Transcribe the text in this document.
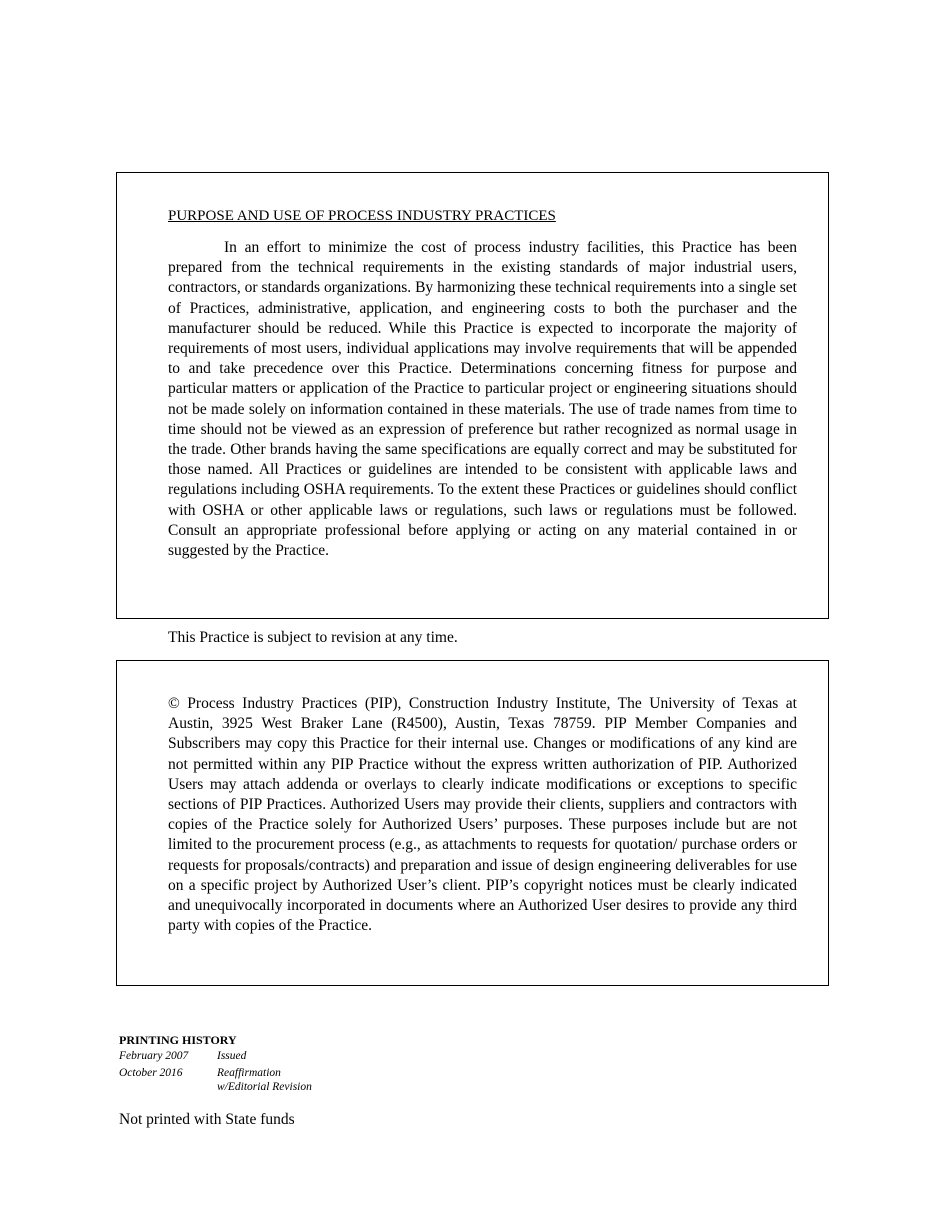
PURPOSE AND USE OF PROCESS INDUSTRY PRACTICES

In an effort to minimize the cost of process industry facilities, this Practice has been prepared from the technical requirements in the existing standards of major industrial users, contractors, or standards organizations. By harmonizing these technical requirements into a single set of Practices, administrative, application, and engineering costs to both the purchaser and the manufacturer should be reduced. While this Practice is expected to incorporate the majority of requirements of most users, individual applications may involve requirements that will be appended to and take precedence over this Practice. Determinations concerning fitness for purpose and particular matters or application of the Practice to particular project or engineering situations should not be made solely on information contained in these materials. The use of trade names from time to time should not be viewed as an expression of preference but rather recognized as normal usage in the trade. Other brands having the same specifications are equally correct and may be substituted for those named. All Practices or guidelines are intended to be consistent with applicable laws and regulations including OSHA requirements. To the extent these Practices or guidelines should conflict with OSHA or other applicable laws or regulations, such laws or regulations must be followed. Consult an appropriate professional before applying or acting on any material contained in or suggested by the Practice.

This Practice is subject to revision at any time.

© Process Industry Practices (PIP), Construction Industry Institute, The University of Texas at Austin, 3925 West Braker Lane (R4500), Austin, Texas 78759. PIP Member Companies and Subscribers may copy this Practice for their internal use. Changes or modifications of any kind are not permitted within any PIP Practice without the express written authorization of PIP. Authorized Users may attach addenda or overlays to clearly indicate modifications or exceptions to specific sections of PIP Practices. Authorized Users may provide their clients, suppliers and contractors with copies of the Practice solely for Authorized Users’ purposes. These purposes include but are not limited to the procurement process (e.g., as attachments to requests for quotation/ purchase orders or requests for proposals/contracts) and preparation and issue of design engineering deliverables for use on a specific project by Authorized User’s client. PIP’s copyright notices must be clearly indicated and unequivocally incorporated in documents where an Authorized User desires to provide any third party with copies of the Practice.

PRINTING HISTORY

February 2007	Issued
October 2016	Reaffirmation
w/Editorial Revision

Not printed with State funds
